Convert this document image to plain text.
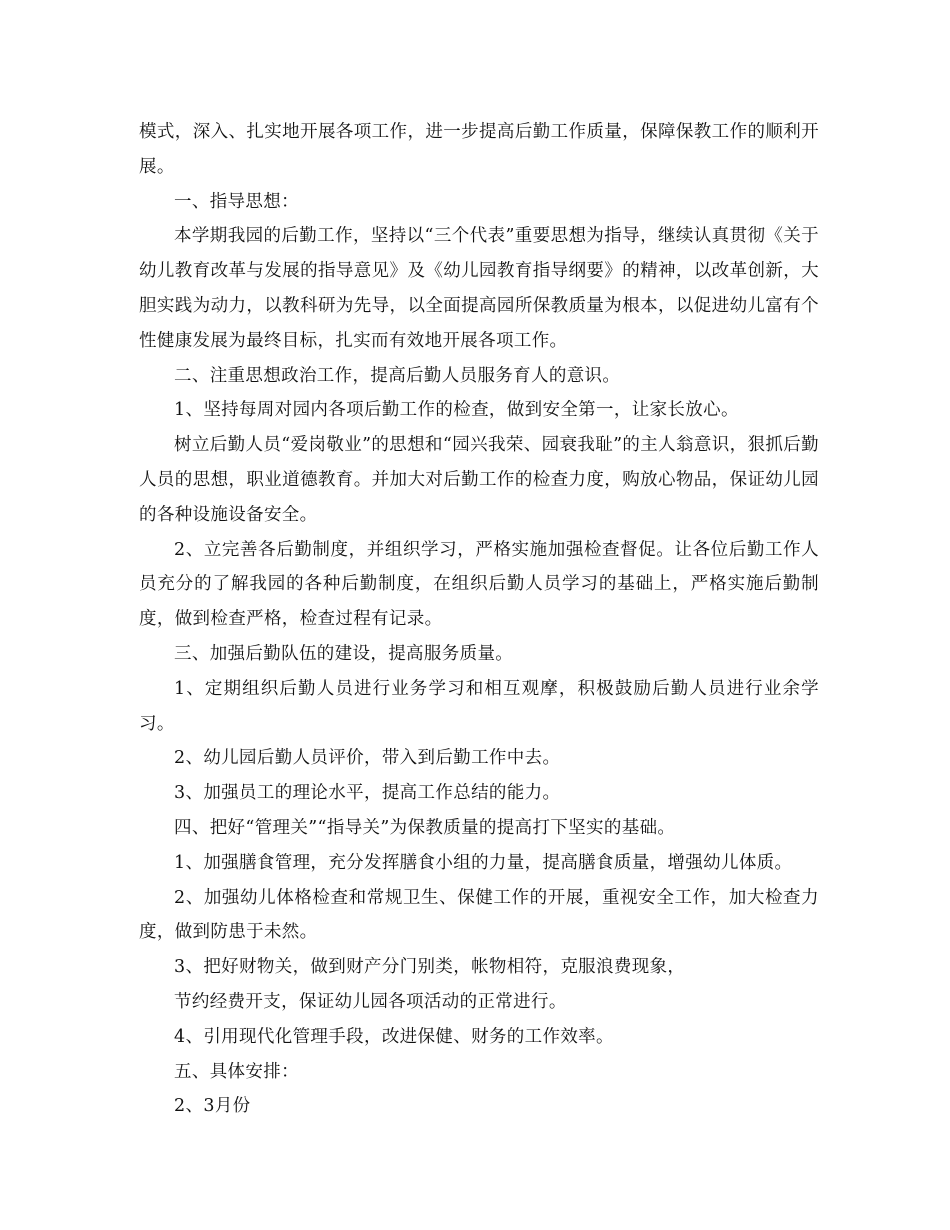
模式，深入、扎实地开展各项工作，进一步提高后勤工作质量，保障保教工作的顺利开展。

一、指导思想：

本学期我园的后勤工作，坚持以“三个代表”重要思想为指导，继续认真贯彻《关于幼儿教育改革与发展的指导意见》及《幼儿园教育指导纲要》的精神，以改革创新，大胆实践为动力，以教科研为先导，以全面提高园所保教质量为根本，以促进幼儿富有个性健康发展为最终目标，扎实而有效地开展各项工作。

二、注重思想政治工作，提高后勤人员服务育人的意识。

1、坚持每周对园内各项后勤工作的检查，做到安全第一，让家长放心。

树立后勤人员“爱岗敬业”的思想和“园兴我荣、园衰我耻”的主人翁意识，狠抓后勤人员的思想，职业道德教育。并加大对后勤工作的检查力度，购放心物品，保证幼儿园的各种设施设备安全。

2、立完善各后勤制度，并组织学习，严格实施加强检查督促。让各位后勤工作人员充分的了解我园的各种后勤制度，在组织后勤人员学习的基础上，严格实施后勤制度，做到检查严格，检查过程有记录。

三、加强后勤队伍的建设，提高服务质量。

1、定期组织后勤人员进行业务学习和相互观摩，积极鼓励后勤人员进行业余学习。

2、幼儿园后勤人员评价，带入到后勤工作中去。

3、加强员工的理论水平，提高工作总结的能力。

四、把好“管理关”“指导关”为保教质量的提高打下坚实的基础。

1、加强膳食管理，充分发挥膳食小组的力量，提高膳食质量，增强幼儿体质。

2、加强幼儿体格检查和常规卫生、保健工作的开展，重视安全工作，加大检查力度，做到防患于未然。

3、把好财物关，做到财产分门别类，帐物相符，克服浪费现象，

节约经费开支，保证幼儿园各项活动的正常进行。

4、引用现代化管理手段，改进保健、财务的工作效率。

五、具体安排：

2、3月份
